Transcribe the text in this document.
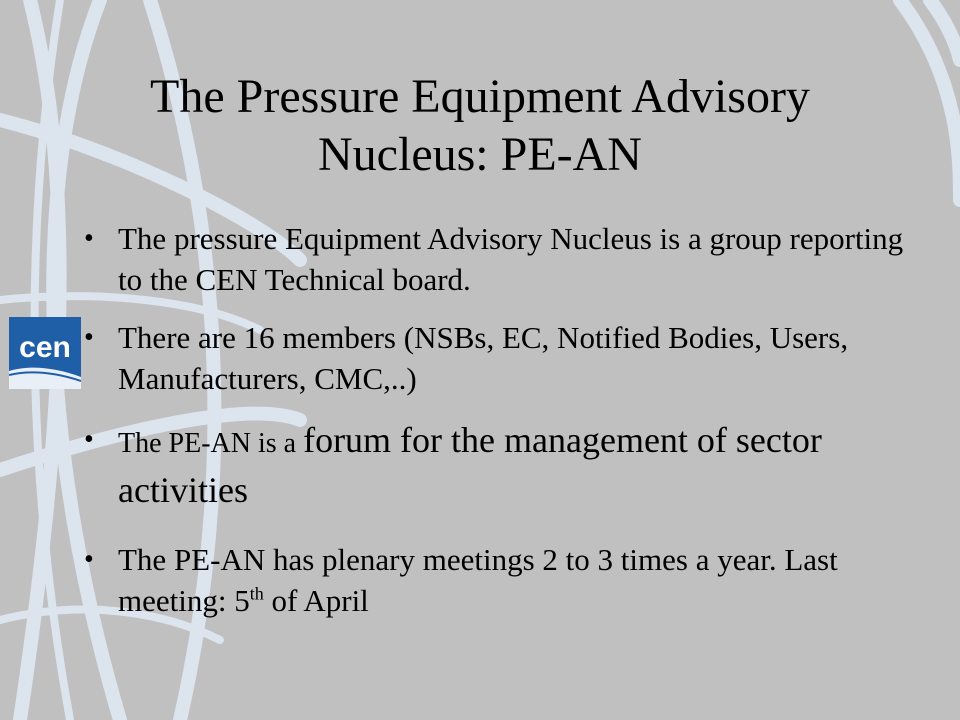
cen
The Pressure Equipment Advisory
Nucleus: PE-AN
• The pressure Equipment Advisory Nucleus is a group reporting to the CEN Technical board.
• There are 16 members (NSBs, EC, Notified Bodies, Users, Manufacturers, CMC,..)
• The PE-AN is a forum for the management of sector activities
• The PE-AN has plenary meetings 2 to 3 times a year. Last meeting: 5th of April
